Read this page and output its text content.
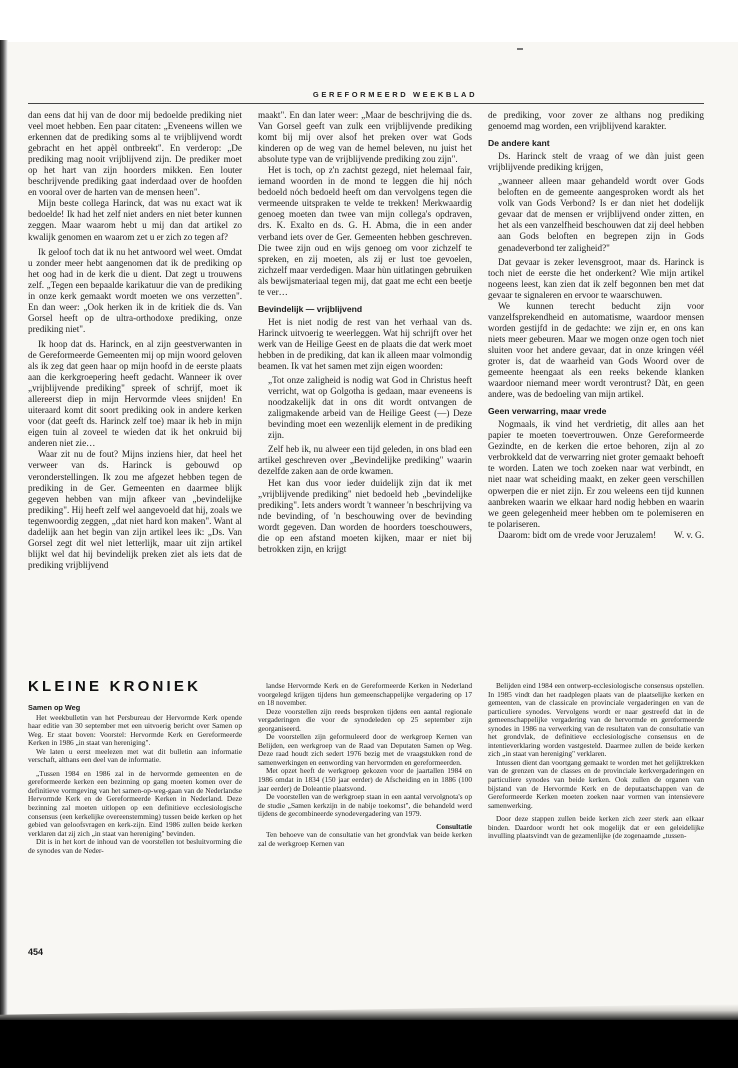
GEREFORMEERD WEEKBLAD

dan eens dat hij van de door mij bedoelde prediking niet veel moet hebben. Een paar citaten: „Eveneens willen we erkennen dat de prediking soms al te vrijblijvend wordt gebracht en het appèl ontbreekt". En verderop: „De prediking mag nooit vrijblijvend zijn. De prediker moet op het hart van zijn hoorders mikken. Een louter beschrijvende prediking gaat inderdaad over de hoofden en vooral over de harten van de mensen heen".

Mijn beste collega Harinck, dat was nu exact wat ik bedoelde! Ik had het zelf niet anders en niet beter kunnen zeggen. Maar waarom hebt u mij dan dat artikel zo kwalijk genomen en waarom zet u er zich zo tegen af?

Ik geloof toch dat ik nu het antwoord wel weet. Omdat u zonder meer hebt aangenomen dat ik de prediking op het oog had in de kerk die u dient. Dat zegt u trouwens zelf. „Tegen een bepaalde karikatuur die van de prediking in onze kerk gemaakt wordt moeten we ons verzetten". En dan weer: „Ook herken ik in de kritiek die ds. Van Gorsel heeft op de ultra-orthodoxe prediking, onze prediking niet".

Ik hoop dat ds. Harinck, en al zijn geestverwanten in de Gereformeerde Gemeenten mij op mijn woord geloven als ik zeg dat geen haar op mijn hoofd in de eerste plaats aan die kerkgroepering heeft gedacht. Wanneer ik over „vrijblijvende prediking" spreek of schrijf, moet ik allereerst diep in mijn Hervormde vlees snijden! En uiteraard komt dit soort prediking ook in andere kerken voor (dat geeft ds. Harinck zelf toe) maar ik heb in mijn eigen tuin al zoveel te wieden dat ik het onkruid bij anderen niet zie…

Waar zit nu de fout? Mijns inziens hier, dat heel het verweer van ds. Harinck is gebouwd op veronderstellingen. Ik zou me afgezet hebben tegen de prediking in de Ger. Gemeenten en daarmee blijk gegeven hebben van mijn afkeer van „bevindelijke prediking". Hij heeft zelf wel aangevoeld dat hij, zoals we tegenwoordig zeggen, „dat niet hard kon maken". Want al dadelijk aan het begin van zijn artikel lees ik: „Ds. Van Gorsel zegt dit wel niet letterlijk, maar uit zijn artikel blijkt wel dat hij bevindelijk preken ziet als iets dat de prediking vrijblijvend

maakt". En dan later weer: „Maar de beschrijving die ds. Van Gorsel geeft van zulk een vrijblijvende prediking komt bij mij over alsof het preken over wat Gods kinderen op de weg van de hemel beleven, nu juist het absolute type van de vrijblijvende prediking zou zijn".

Het is toch, op z'n zachtst gezegd, niet helemaal fair, iemand woorden in de mond te leggen die hij nóch bedoeld nóch bedoeld heeft om dan vervolgens tegen die vermeende uitspraken te velde te trekken! Merkwaardig genoeg moeten dan twee van mijn collega's opdraven, drs. K. Exalto en ds. G. H. Abma, die in een ander verband iets over de Ger. Gemeenten hebben geschreven. Die twee zijn oud en wijs genoeg om voor zichzelf te spreken, en zij moeten, als zij er lust toe gevoelen, zichzelf maar verdedigen. Maar hùn uitlatingen gebruiken als bewijsmateriaal tegen mij, dat gaat me echt een beetje te ver…

Bevindelijk — vrijblijvend

Het is niet nodig de rest van het verhaal van ds. Harinck uitvoerig te weerleggen. Wat hij schrijft over het werk van de Heilige Geest en de plaats die dat werk moet hebben in de prediking, dat kan ik alleen maar volmondig beamen. Ik vat het samen met zijn eigen woorden:

„Tot onze zaligheid is nodig wat God in Christus heeft verricht, wat op Golgotha is gedaan, maar eveneens is noodzakelijk dat in ons dit wordt ontvangen de zaligmakende arbeid van de Heilige Geest (—) Deze bevinding moet een wezenlijk element in de prediking zijn.

Zelf heb ik, nu alweer een tijd geleden, in ons blad een artikel geschreven over „Bevindelijke prediking" waarin dezelfde zaken aan de orde kwamen.

Het kan dus voor ieder duidelijk zijn dat ik met „vrijblijvende prediking" niet bedoeld heb „bevindelijke prediking". Iets anders wordt 't wanneer 'n beschrijving va nde bevinding, of 'n beschouwing over de bevinding wordt gegeven. Dan worden de hoorders toeschouwers, die op een afstand moeten kijken, maar er niet bij betrokken zijn, en krijgt

de prediking, voor zover ze althans nog prediking genoemd mag worden, een vrijblijvend karakter.

De andere kant

Ds. Harinck stelt de vraag of we dàn juist geen vrijblijvende prediking krijgen,

„wanneer alleen maar gehandeld wordt over Gods beloften en de gemeente aangesproken wordt als het volk van Gods Verbond? Is er dan niet het dodelijk gevaar dat de mensen er vrijblijvend onder zitten, en het als een vanzelfheid beschouwen dat zij deel hebben aan Gods beloften en begrepen zijn in Gods genadeverbond ter zaligheid?"

Dat gevaar is zeker levensgroot, maar ds. Harinck is toch niet de eerste die het onderkent? Wie mijn artikel nogeens leest, kan zien dat ik zelf begonnen ben met dat gevaar te signaleren en ervoor te waarschuwen.

We kunnen terecht beducht zijn voor vanzelfsprekendheid en automatisme, waardoor mensen worden gestijfd in de gedachte: we zijn er, en ons kan niets meer gebeuren. Maar we mogen onze ogen toch niet sluiten voor het andere gevaar, dat in onze kringen véél groter is, dat de waarheid van Gods Woord over de gemeente heengaat als een reeks bekende klanken waardoor niemand meer wordt verontrust? Dàt, en geen andere, was de bedoeling van mijn artikel.

Geen verwarring, maar vrede

Nogmaals, ik vind het verdrietig, dit alles aan het papier te moeten toevertrouwen. Onze Gereformeerde Gezindte, en de kerken die ertoe behoren, zijn al zo verbrokkeld dat de verwarring niet groter gemaakt behoeft te worden. Laten we toch zoeken naar wat verbindt, en niet naar wat scheiding maakt, en zeker geen verschillen opwerpen die er niet zijn. Er zou weleens een tijd kunnen aanbreken waarin we elkaar hard nodig hebben en waarin we geen gelegenheid meer hebben om te polemiseren en te polariseren.

Daarom: bidt om de vrede voor Jeruzalem!	W. v. G.
KLEINE KRONIEK
Samen op Weg

Het weekbulletin van het Persbureau der Hervormde Kerk opende haar editie van 30 september met een uitvoerig bericht over Samen op Weg. Er staat boven: Voorstel: Hervormde Kerk en Gereformeerde Kerken in 1986 „in staat van hereniging".

We laten u eerst meelezen met wat dit bulletin aan informatie verschaft, althans een deel van de informatie.

„Tussen 1984 en 1986 zal in de hervormde gemeenten en de gereformeerde kerken een bezinning op gang moeten komen over de definitieve vormgeving van het samen-op-weg-gaan van de Nederlandse Hervormde Kerk en de Gereformeerde Kerken in Nederland. Deze bezinning zal moeten uitlopen op een definitieve ecclesiologische consensus (een kerkelijke overeenstemming) tussen beide kerken op het gebied van geloofsvragen en kerk-zijn. Eind 1986 zullen beide kerken verklaren dat zij zich „in staat van hereniging" bevinden.

Dit is in het kort de inhoud van de voorstellen tot besluitvorming die de synodes van de Neder-

landse Hervormde Kerk en de Gereformeerde Kerken in Nederland voorgelegd krijgen tijdens hun gemeenschappelijke vergadering op 17 en 18 november.

Deze voorstellen zijn reeds besproken tijdens een aantal regionale vergaderingen die voor de synodeleden op 25 september zijn georganiseerd.

De voorstellen zijn geformuleerd door de werkgroep Kernen van Belijden, een werkgroep van de Raad van Deputaten Samen op Weg. Deze raad houdt zich sedert 1976 bezig met de vraagstukken rond de samenwerkingen en eenwording van hervormden en gereformeerden.

Met opzet heeft de werkgroep gekozen voor de jaartallen 1984 en 1986 omdat in 1834 (150 jaar eerder) de Afscheiding en in 1886 (100 jaar eerder) de Doleantie plaatsvond.

De voorstellen van de werkgroep staan in een aantal vervolgnota's op de studie „Samen kerkzijn in de nabije toekomst", die behandeld werd tijdens de gecombineerde synodevergadering van 1979.

Consultatie

Ten behoeve van de consultatie van het grondvlak van beide kerken zal de werkgroep Kernen van

Belijden eind 1984 een ontwerp-ecclesiologische consensus opstellen. In 1985 vindt dan het raadplegen plaats van de plaatselijke kerken en gemeenten, van de classicale en provinciale vergaderingen en van de particuliere synodes. Vervolgens wordt er naar gestreefd dat in de gemeenschappelijke vergadering van de hervormde en gereformeerde synodes in 1986 na verwerking van de resultaten van de consultatie van het grondvlak, de definitieve ecclesiologische consensus en de intentieverklaring worden vastgesteld. Daarmee zullen de beide kerken zich „in staat van hereniging" verklaren.

Intussen dient dan voortgang gemaakt te worden met het gelijktrekken van de grenzen van de classes en de provinciale kerkvergaderingen en particuliere synodes van beide kerken. Ook zullen de organen van bijstand van de Hervormde Kerk en de deputaatschappen van de Gereformeerde Kerken moeten zoeken naar vormen van intensievere samenwerking.

Door deze stappen zullen beide kerken zich zeer sterk aan elkaar binden. Daardoor wordt het ook mogelijk dat er een geleidelijke invulling plaatsvindt van de gezamenlijke (de zogenaamde „tussen-

454
